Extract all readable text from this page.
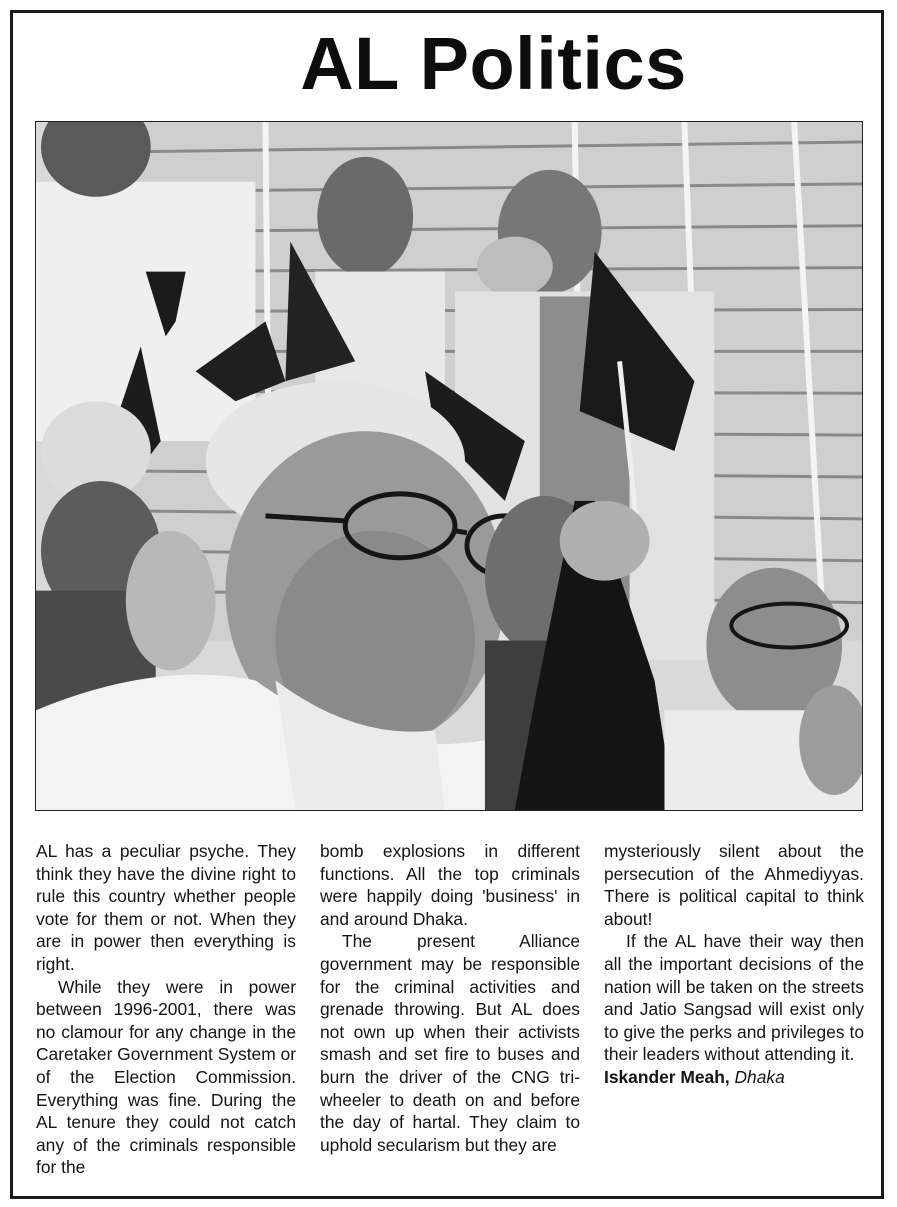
AL Politics

AL has a peculiar psyche. They think they have the divine right to rule this country whether people vote for them or not. When they are in power then everything is right.

While they were in power between 1996-2001, there was no clamour for any change in the Caretaker Government System or of the Election Commission. Everything was fine. During the AL tenure they could not catch any of the criminals responsible for the

bomb explosions in different functions. All the top criminals were happily doing 'business' in and around Dhaka.

The present Alliance government may be responsible for the criminal activities and grenade throwing. But AL does not own up when their activists smash and set fire to buses and burn the driver of the CNG tri-wheeler to death on and before the day of hartal. They claim to uphold secularism but they are

mysteriously silent about the persecution of the Ahmediyyas. There is political capital to think about!

If the AL have their way then all the important decisions of the nation will be taken on the streets and Jatio Sangsad will exist only to give the perks and privileges to their leaders without attending it.

Iskander Meah, Dhaka
